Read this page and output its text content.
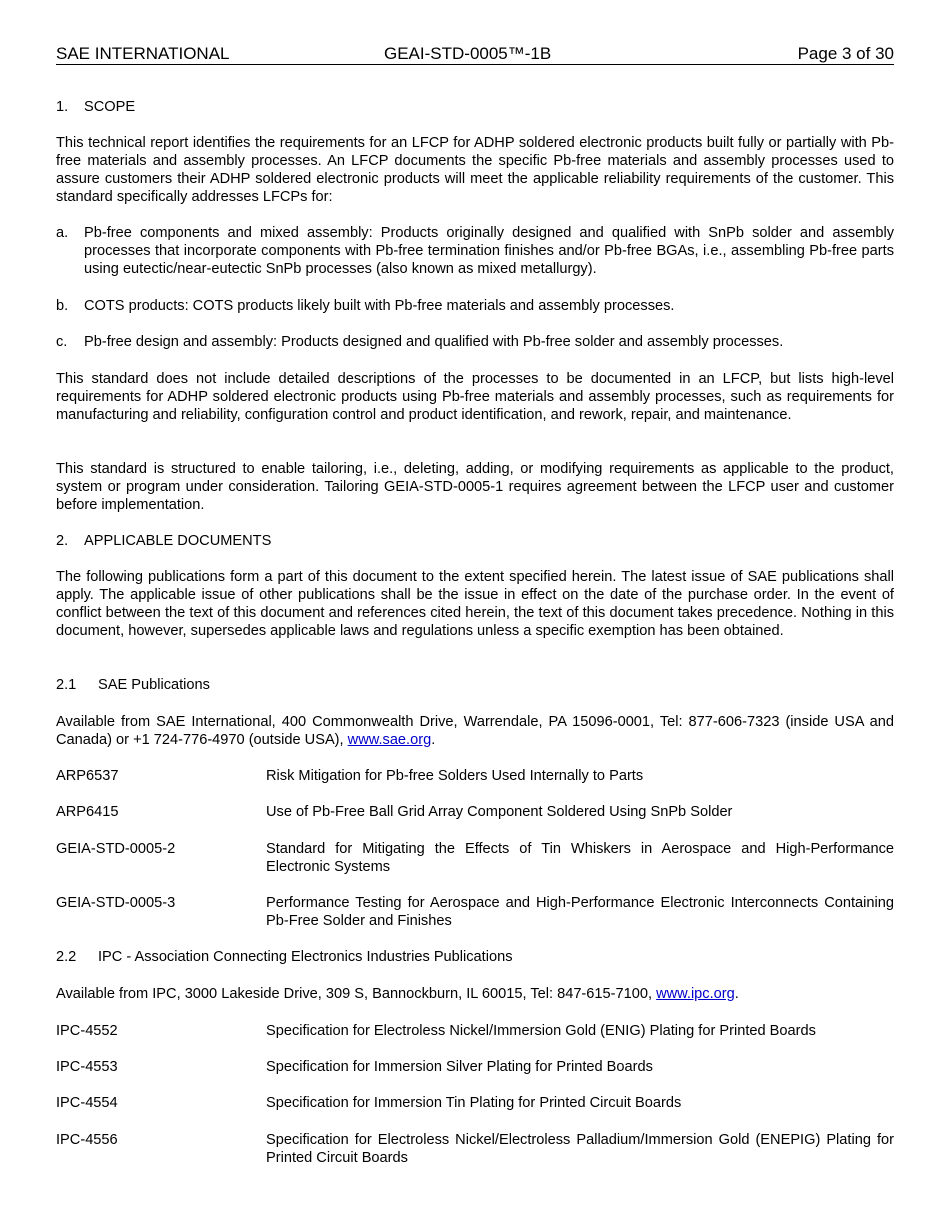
SAE INTERNATIONAL	GEAI-STD-0005™-1B	Page 3 of 30
1. SCOPE

This technical report identifies the requirements for an LFCP for ADHP soldered electronic products built fully or partially with Pb-free materials and assembly processes. An LFCP documents the specific Pb-free materials and assembly processes used to assure customers their ADHP soldered electronic products will meet the applicable reliability requirements of the customer. This standard specifically addresses LFCPs for:

a. Pb-free components and mixed assembly: Products originally designed and qualified with SnPb solder and assembly processes that incorporate components with Pb-free termination finishes and/or Pb-free BGAs, i.e., assembling Pb-free parts using eutectic/near-eutectic SnPb processes (also known as mixed metallurgy).
b. COTS products: COTS products likely built with Pb-free materials and assembly processes.
c. Pb-free design and assembly: Products designed and qualified with Pb-free solder and assembly processes.

This standard does not include detailed descriptions of the processes to be documented in an LFCP, but lists high-level requirements for ADHP soldered electronic products using Pb-free materials and assembly processes, such as requirements for manufacturing and reliability, configuration control and product identification, and rework, repair, and maintenance.

This standard is structured to enable tailoring, i.e., deleting, adding, or modifying requirements as applicable to the product, system or program under consideration. Tailoring GEIA-STD-0005-1 requires agreement between the LFCP user and customer before implementation.

2. APPLICABLE DOCUMENTS

The following publications form a part of this document to the extent specified herein. The latest issue of SAE publications shall apply. The applicable issue of other publications shall be the issue in effect on the date of the purchase order. In the event of conflict between the text of this document and references cited herein, the text of this document takes precedence. Nothing in this document, however, supersedes applicable laws and regulations unless a specific exemption has been obtained.

2.1 SAE Publications

Available from SAE International, 400 Commonwealth Drive, Warrendale, PA 15096-0001, Tel: 877-606-7323 (inside USA and Canada) or +1 724-776-4970 (outside USA), www.sae.org.

ARP6537	Risk Mitigation for Pb-free Solders Used Internally to Parts
ARP6415	Use of Pb-Free Ball Grid Array Component Soldered Using SnPb Solder
GEIA-STD-0005-2	Standard for Mitigating the Effects of Tin Whiskers in Aerospace and High-Performance Electronic Systems
GEIA-STD-0005-3	Performance Testing for Aerospace and High-Performance Electronic Interconnects Containing Pb-Free Solder and Finishes
2.2 IPC - Association Connecting Electronics Industries Publications

Available from IPC, 3000 Lakeside Drive, 309 S, Bannockburn, IL 60015, Tel: 847-615-7100, www.ipc.org.

IPC-4552	Specification for Electroless Nickel/Immersion Gold (ENIG) Plating for Printed Boards
IPC-4553	Specification for Immersion Silver Plating for Printed Boards
IPC-4554	Specification for Immersion Tin Plating for Printed Circuit Boards
IPC-4556	Specification for Electroless Nickel/Electroless Palladium/Immersion Gold (ENEPIG) Plating for Printed Circuit Boards
